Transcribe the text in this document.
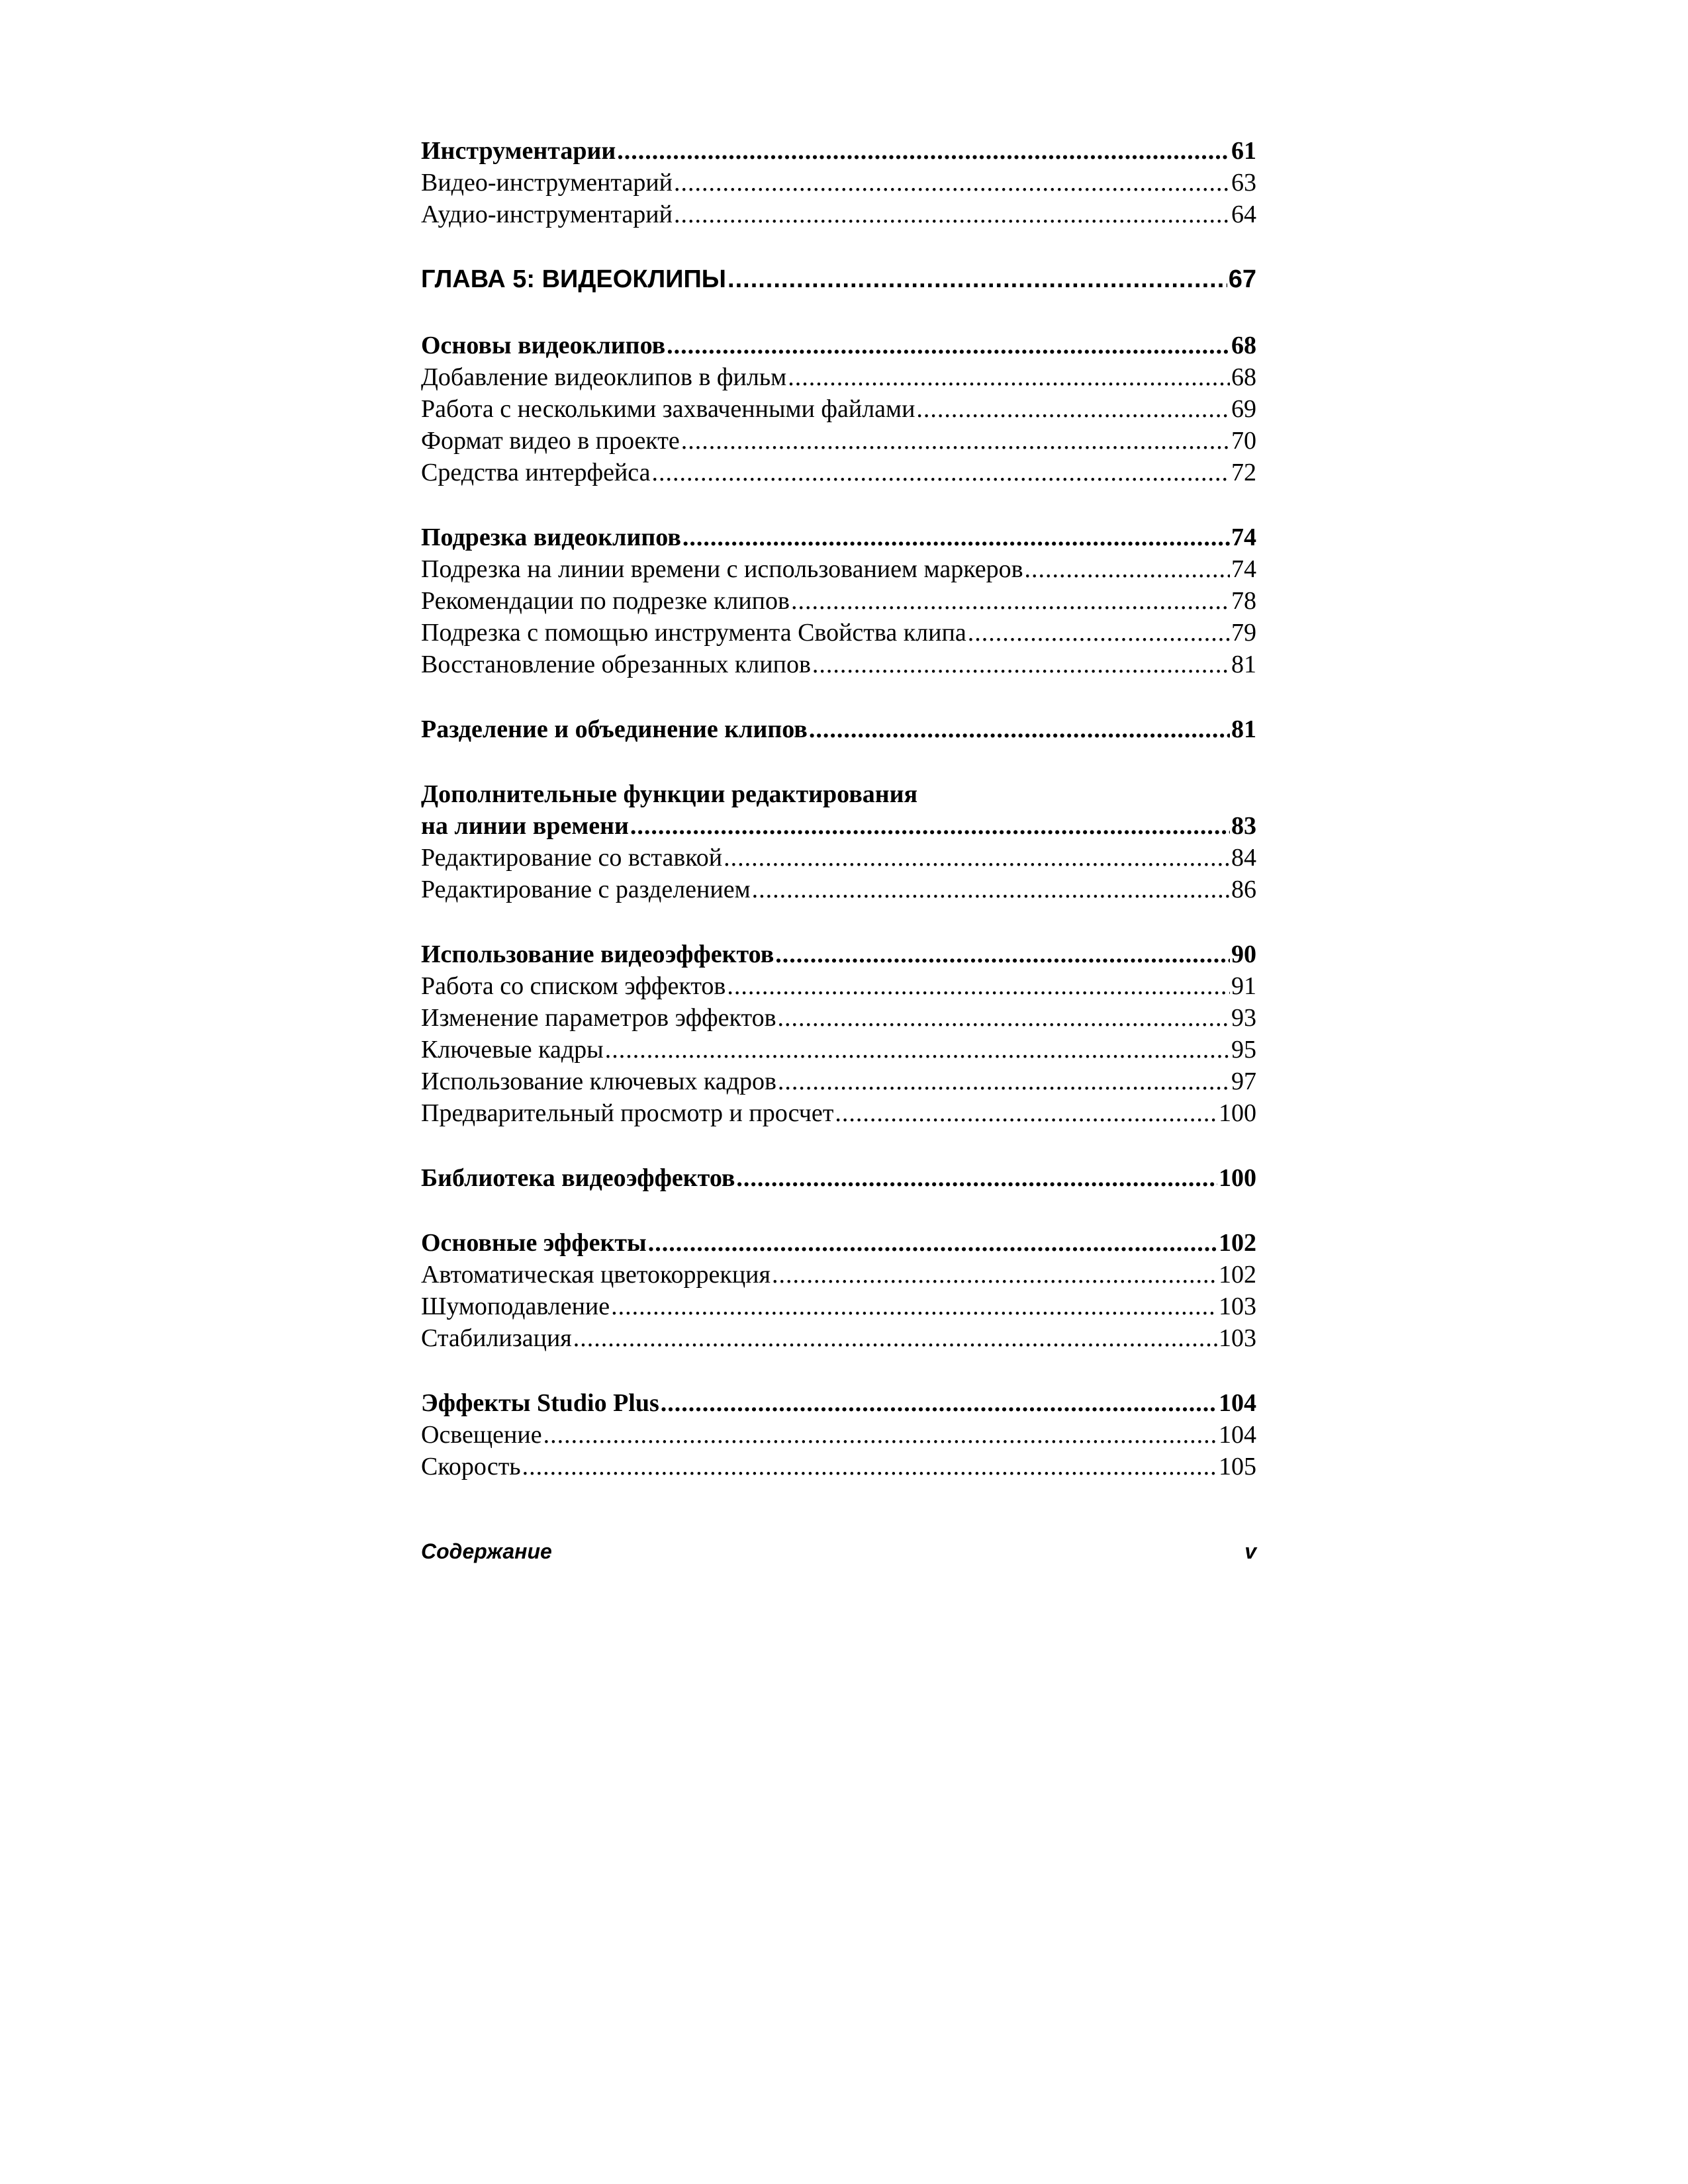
Инструментарии .....	61
Видео-инструментарий .....	63
Аудио-инструментарий .....	64
ГЛАВА 5: ВИДЕОКЛИПЫ .....	67
Основы видеоклипов .....	68
Добавление видеоклипов в фильм .....	68
Работа с несколькими захваченными файлами .....	69
Формат видео в проекте .....	70
Средства интерфейса .....	72
Подрезка видеоклипов .....	74
Подрезка на линии времени с использованием маркеров .....	74
Рекомендации по подрезке клипов .....	78
Подрезка с помощью инструмента Свойства клипа .....	79
Восстановление обрезанных клипов .....	81
Разделение и объединение клипов .....	81
Дополнительные функции редактирования
на линии времени .....	83
Редактирование со вставкой .....	84
Редактирование с разделением .....	86
Использование видеоэффектов .....	90
Работа со списком эффектов .....	91
Изменение параметров эффектов .....	93
Ключевые кадры .....	95
Использование ключевых кадров .....	97
Предварительный просмотр и просчет .....	100
Библиотека видеоэффектов .....	100
Основные эффекты .....	102
Автоматическая цветокоррекция .....	102
Шумоподавление .....	103
Стабилизация .....	103
Эффекты Studio Plus .....	104
Освещение .....	104
Скорость .....	105
Содержание	v
